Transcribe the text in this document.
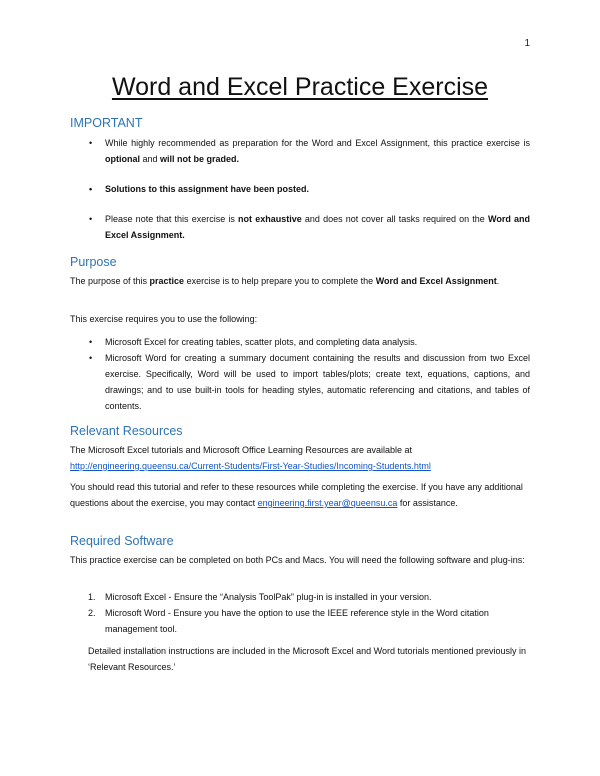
1
Word and Excel Practice Exercise
IMPORTANT
• While highly recommended as preparation for the Word and Excel Assignment, this practice exercise is optional and will not be graded.
• Solutions to this assignment have been posted.
• Please note that this exercise is not exhaustive and does not cover all tasks required on the Word and Excel Assignment.
Purpose

The purpose of this practice exercise is to help prepare you to complete the Word and Excel Assignment.

This exercise requires you to use the following:

• Microsoft Excel for creating tables, scatter plots, and completing data analysis.
• Microsoft Word for creating a summary document containing the results and discussion from two Excel exercise. Specifically, Word will be used to import tables/plots; create text, equations, captions, and drawings; and to use built-in tools for heading styles, automatic referencing and citations, and tables of contents.
Relevant Resources

The Microsoft Excel tutorials and Microsoft Office Learning Resources are available at
http://engineering.queensu.ca/Current-Students/First-Year-Studies/Incoming-Students.html

You should read this tutorial and refer to these resources while completing the exercise. If you have any additional questions about the exercise, you may contact engineering.first.year@queensu.ca for assistance.

Required Software

This practice exercise can be completed on both PCs and Macs. You will need the following software and plug-ins:

1. Microsoft Excel - Ensure the “Analysis ToolPak” plug-in is installed in your version.
2. Microsoft Word - Ensure you have the option to use the IEEE reference style in the Word citation management tool.

Detailed installation instructions are included in the Microsoft Excel and Word tutorials mentioned previously in ‘Relevant Resources.’
